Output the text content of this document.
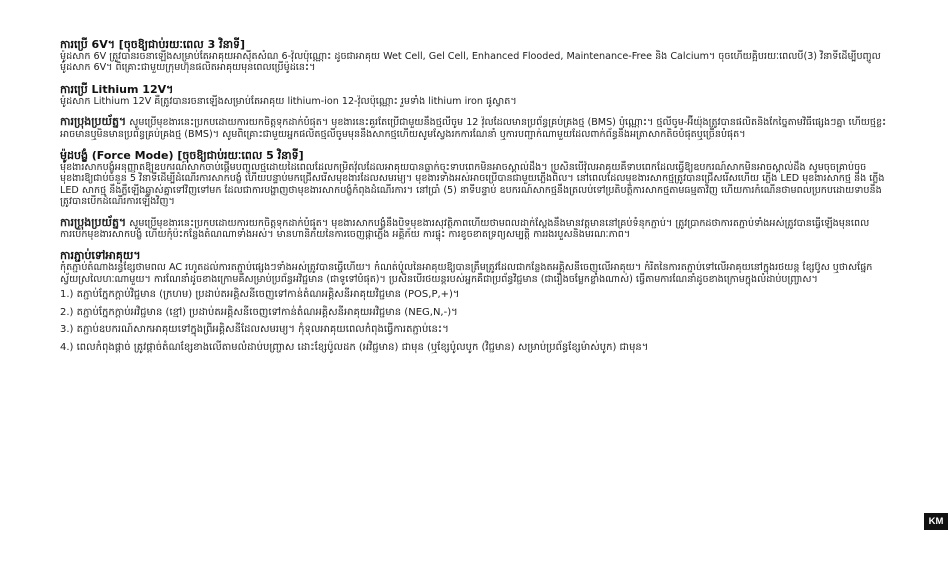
ការប្រើ 6V។ [ចុចឱ្យជាប់រយៈពេល 3 វិនាទី]

ម៉ូដសាក 6V ត្រូវបានរចនាឡើងសម្រាប់តែអាគុយអាស៊ីតសំណ 6-វ៉ុលប៉ុណ្ណោះ ដូចជាអាគុយ Wet Cell, Gel Cell, Enhanced Flooded, Maintenance-Free និង Calcium។ ចុចហើយគ្អិបរយៈពេលបី(3) វិនាទីដើម្បីបញ្ចូលម៉ូដសាក 6V។ ពិគ្រោះជាមួយក្រុមហ៊ុនផលិតអាគុយមុនពេលប្រើម៉ូដនេះ។

ការប្រើ Lithium 12V។

ម៉ូដសាក Lithium 12V គឺត្រូវបានរចនាឡើងសម្រាប់តែអាគុយ lithium-ion 12-វ៉ុលប៉ុណ្ណោះ រួមទាំង lithium iron ផូស្វាត។

ការប្រុងប្រយ័ត្ន។ សូមប្រើមុខងារនេះប្រកបដោយការយកចិត្តទុកដាក់បំផុត។ មុខងារនេះគួរតែប្រើជាមួយនឹងថ្មលីចូម 12 វ៉ុលដែលមានប្រព័ន្ធគ្រប់គ្រងថ្ម (BMS) ប៉ុណ្ណោះ។ ថ្មលីចូម-អ៊ីយ៉ុងត្រូវបានផលិតនិងកែច្នៃតាមវិធីផ្សេងៗគ្នា ហើយថ្មខ្លះអាចមានឬមិនមានប្រព័ន្ធគ្រប់គ្រងថ្ម (BMS)។ សូមពិគ្រោះជាមួយអ្នកផលិតថ្មលីចូមមុននឹងសាកថ្មហើយសូមស្វែងរកការណែនាំ ឬការបញ្ជាក់ណាមួយដែលពាក់ព័ន្ធនឹងអត្រាសាកតិចបំផុតឬច្រើនបំផុត។

ម៉ូដបង្ខំ (Force Mode) [ចុចឱ្យជាប់រយៈពេល 5 វិនាទី]

មុខងារសាកបង្ខំអនុញ្ញាតឱ្យឧបករណ៍សាកចាប់ផ្តើមបញ្ចូលថ្មដោយដៃពេលដែលកម្រិតវ៉ុលដែលអាគុយបានធ្លាក់ចុះទាបពេកមិនអាចស្គាល់ដឹង។ ប្រសិនបើវ៉ុលអាគុយគឺទាបពេកដែលធ្វើឱ្យឧបករណ៍សាកមិនអាចស្គាល់ដឹង សូមចុចគ្រាប់ចុចមុខងារឱ្យជាប់ចំនួន 5 វិនាទីដើម្បីដំណើរការសាកបង្ខំ ហើយបន្ទាប់មកជ្រើសរើសមុខងារដែលសមរម្យ។ មុខងារទាំងអស់អាចប្រើបានជាមួយភ្លើងពិល។ នៅពេលដែលមុខងារសាកថ្មត្រូវបានជ្រើសរើសហើយ ភ្លើង LED មុខងារសាកថ្ម និង ភ្លើង LED សាកថ្ម នឹងភ្លឺឡើងឆ្លាស់គ្នាទៅវិញទៅមក ដែលជាការបង្ហាញថាមុខងារសាកបង្ខំកំពុងដំណើរការ។ នៅប្រាំ (5) នាទីបន្ទាប់ ឧបករណ៍សាកថ្មនឹងត្រលប់ទៅប្រតិបត្តិការសាកថ្មតាមធម្មតាវិញ ហើយការកំណើនថាមពលប្រកបដោយទាបនឹងត្រូវបានបើកដំណើរការឡើងវិញ។

ការប្រុងប្រយ័ត្ន។ សូមប្រើមុខងារនេះប្រកបដោយការយកចិត្តទុកដាក់បំផុត។ មុខងារសាកបង្ខំនឹងបិទមុខងារសុវត្ថិភាពហើយថាមពលដាក់ស្តែងនឹងមានវត្តមាននៅគ្រប់ទំនុកភ្ជាប់។ ត្រូវប្រាកដថាការតភ្ជាប់ទាំងអស់ត្រូវបានធ្វើឡើងមុនពេលការបើកមុខងារសាកបង្ខំ ហើយកុំប៉ះកន្លែងតំណណាទាំងអស់។ មានហានិភ័យនៃការចេញផ្កាភ្លើង អគ្គិភ័យ ការផ្ទុះ ការខូចខាតទ្រព្យសម្បត្តិ ការរងរបួសនិងមរណៈភាព។

ការភ្ជាប់ទៅអាគុយ។

កុំតភ្ជាប់តំណាងរន្ធខ្សែថាមពល AC រហូតដល់ការតភ្ជាប់ផ្សេងៗទាំងអស់ត្រូវបានធ្វើហើយ។ កំណត់ប៉ូលនៃអាគុយឱ្យបានត្រឹមត្រូវដែលជាកន្លែងតអគ្គិសនីចេញលើអាគុយ។ កំរិតនៃការតភ្ជាប់ទៅលើអាគុយនៅក្នុងរថយន្ត ខ្សែប៊ូស ឬថាសផ្នែកស្វ័យស្រលៃហៈណាមួយ។ ការណែនាំដូចខាងក្រោមគឺសម្រាប់ប្រព័ន្ធអវិជ្ជមាន (ជាទូទៅបំផុត)។ ប្រសិនបើរថយន្តរបស់អ្នកគឺជាប្រព័ន្ធវិជ្ជមាន (ជារឿងចម្លែកខ្លាំងណាស់) ធ្វើតាមការណែនាំដូចខាងក្រោមក្នុងលំដាប់បញ្ច្រាស។

1.) តភ្ជាប់ក្នែកក្តាប់វិជ្ជមាន (ក្រហម) ប្រដាប់ត​អគ្គិសនីចេញទៅកាន់តំណអគ្គិសនីអាគុយវិជ្ជមាន (POS,P,+)។
2.) តភ្ជាប់ក្នែកក្តាប់អវិជ្ជមាន (ខ្មៅ) ប្រដាប់ត​អគ្គិសនីចេញទៅកាន់តំណអគ្គិសនីអាគុយអវិជ្ជមាន (NEG,N,-)។
3.) តភ្ជាប់ឧបករណ៍សាកអាគុយទៅក្នុងព្រីអគ្គិសនីដែលសមរម្យ។ កុំទុលអាគុយពេលកំពុងធ្វើការតភ្ជាប់នេះ។
4.) ពេលកំពុងផ្តាច់ ត្រូវផ្តាច់តំណខ្សែខាងលើតាមលំដាប់បញ្ច្រាស ដោះខ្សែប៉ូលដក (អវិជ្ជមាន) ជាមុន (ឬខ្សែប៉ូលបូក (វិជ្ជមាន) សម្រាប់ប្រព័ន្ធខ្សែម៉ាស់បូក) ជាមុន។
KM
